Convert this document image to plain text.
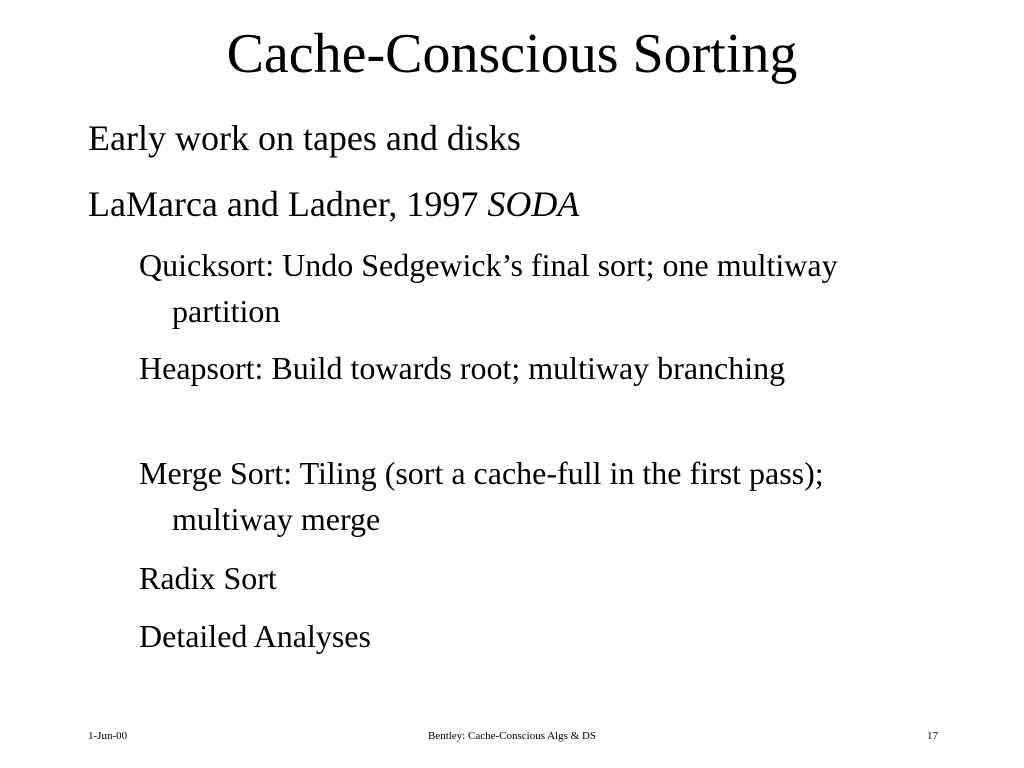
Cache-Conscious Sorting
Early work on tapes and disks
LaMarca and Ladner, 1997 SODA
Quicksort: Undo Sedgewick’s final sort; one multiway partition
Heapsort: Build towards root; multiway branching
Merge Sort: Tiling (sort a cache-full in the first pass); multiway merge
Radix Sort
Detailed Analyses
1-Jun-00	Bentley: Cache-Conscious Algs & DS	17
